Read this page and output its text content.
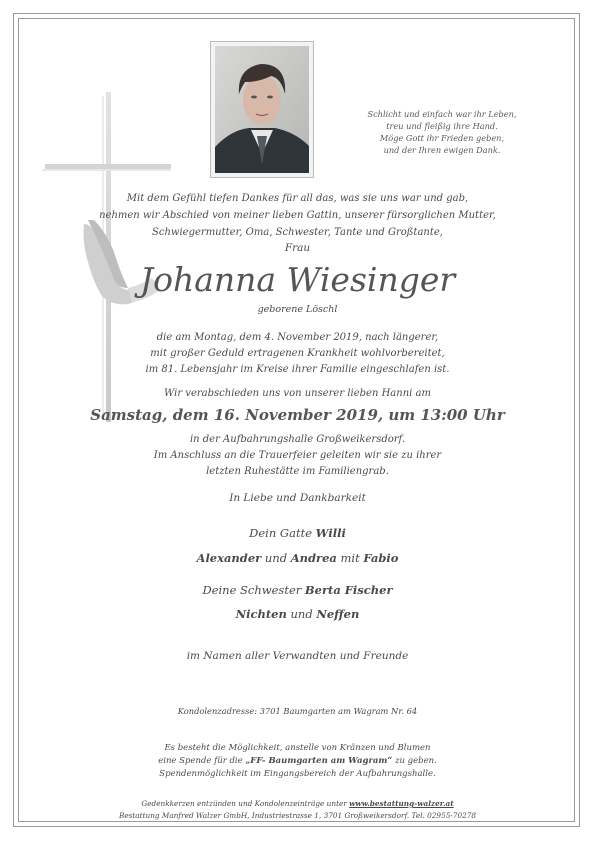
Schlicht und einfach war ihr Leben,
treu und fleißig ihre Hand.
Möge Gott ihr Frieden geben,
und der Ihren ewigen Dank.
Mit dem Gefühl tiefen Dankes für all das, was sie uns war und gab,
nehmen wir Abschied von meiner lieben Gattin, unserer fürsorglichen Mutter,
Schwiegermutter, Oma, Schwester, Tante und Großtante,
Frau
Johanna Wiesinger
geborene Löschl
die am Montag, dem 4. November 2019, nach längerer,
mit großer Geduld ertragenen Krankheit wohlvorbereitet,
im 81. Lebensjahr im Kreise ihrer Familie eingeschlafen ist.
Wir verabschieden uns von unserer lieben Hanni am
Samstag, dem 16. November 2019, um 13:00 Uhr
in der Aufbahrungshalle Großweikersdorf.
Im Anschluss an die Trauerfeier geleiten wir sie zu ihrer
letzten Ruhestätte im Familiengrab.
In Liebe und Dankbarkeit
Dein Gatte Willi
Alexander und Andrea mit Fabio
Deine Schwester Berta Fischer
Nichten und Neffen
im Namen aller Verwandten und Freunde
Kondolenzadresse: 3701 Baumgarten am Wagram Nr. 64
Es besteht die Möglichkeit, anstelle von Kränzen und Blumen
eine Spende für die „FF- Baumgarten am Wagram“ zu geben.
Spendenmöglichkeit im Eingangsbereich der Aufbahrungshalle.
Gedenkkerzen entzünden und Kondolenzeinträge unter www.bestattung-walzer.at
Bestattung Manfred Walzer GmbH, Industriestrasse 1, 3701 Großweikersdorf. Tel. 02955-70278
